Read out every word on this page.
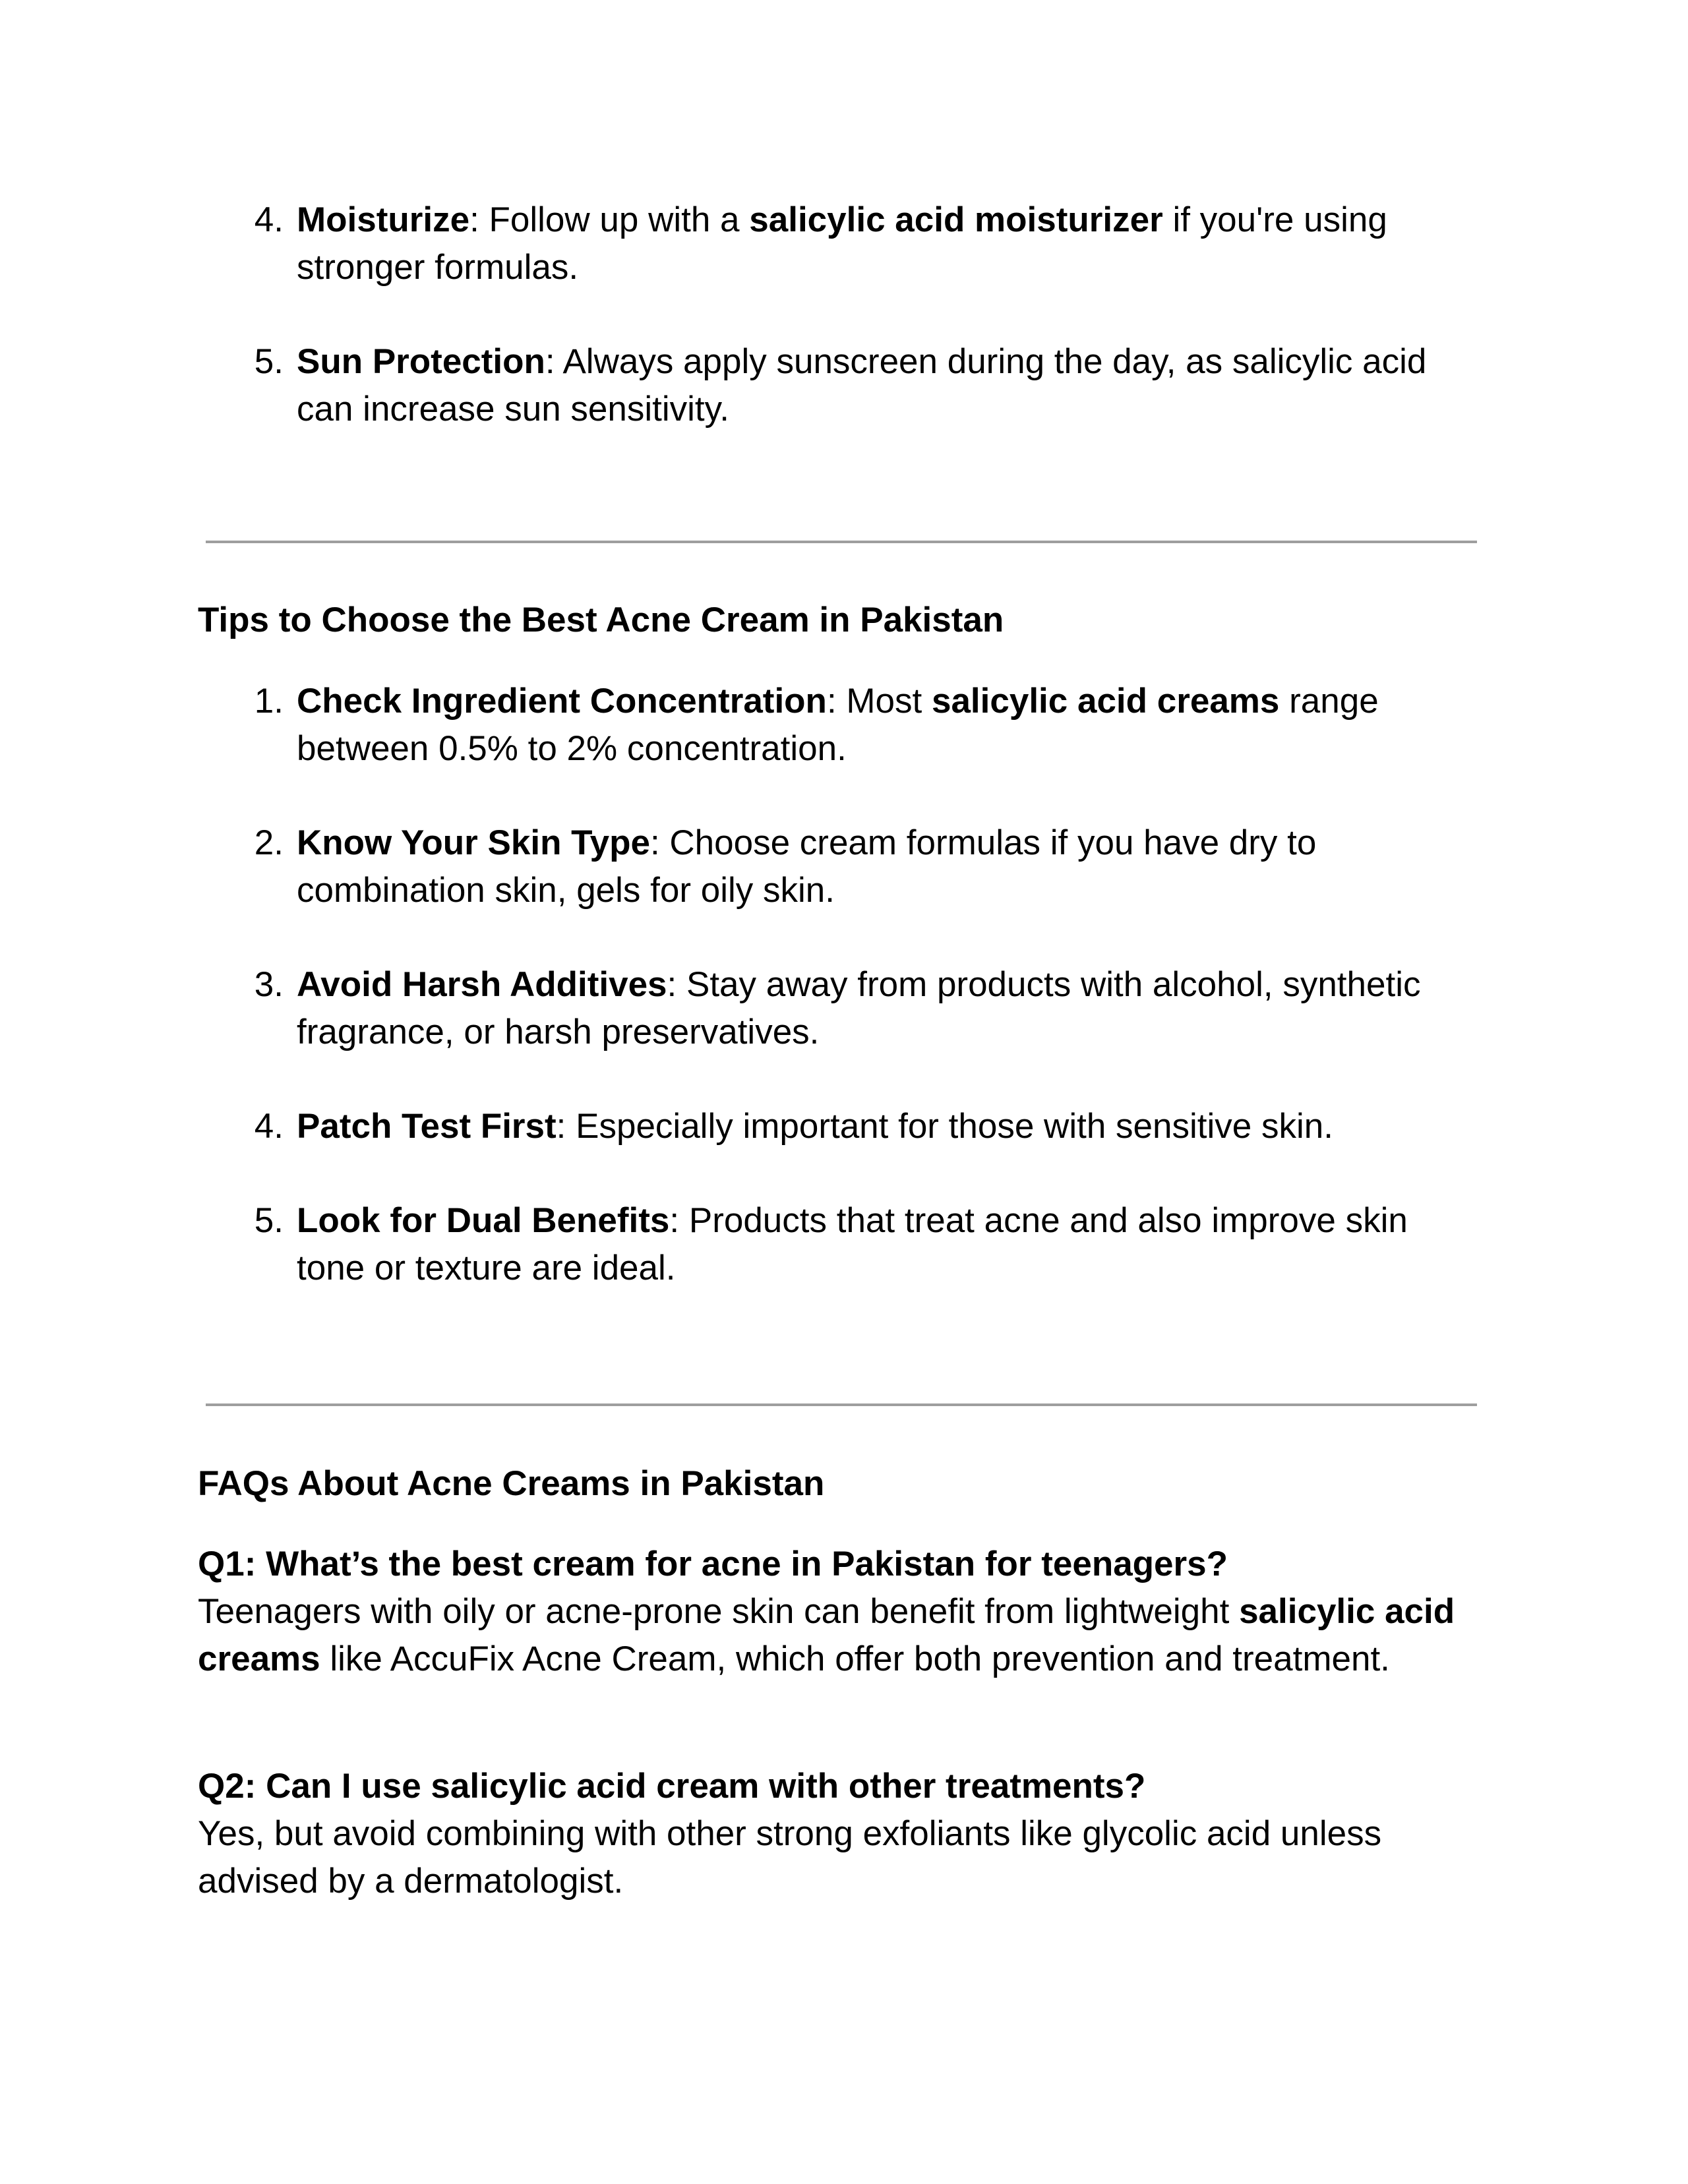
4. Moisturize: Follow up with a salicylic acid moisturizer if you're using stronger formulas.
5. Sun Protection: Always apply sunscreen during the day, as salicylic acid can increase sun sensitivity.
Tips to Choose the Best Acne Cream in Pakistan
1. Check Ingredient Concentration: Most salicylic acid creams range between 0.5% to 2% concentration.
2. Know Your Skin Type: Choose cream formulas if you have dry to combination skin, gels for oily skin.
3. Avoid Harsh Additives: Stay away from products with alcohol, synthetic fragrance, or harsh preservatives.
4. Patch Test First: Especially important for those with sensitive skin.
5. Look for Dual Benefits: Products that treat acne and also improve skin tone or texture are ideal.
FAQs About Acne Creams in Pakistan
Q1: What’s the best cream for acne in Pakistan for teenagers?
Teenagers with oily or acne-prone skin can benefit from lightweight salicylic acid creams like AccuFix Acne Cream, which offer both prevention and treatment.
Q2: Can I use salicylic acid cream with other treatments?
Yes, but avoid combining with other strong exfoliants like glycolic acid unless advised by a dermatologist.
